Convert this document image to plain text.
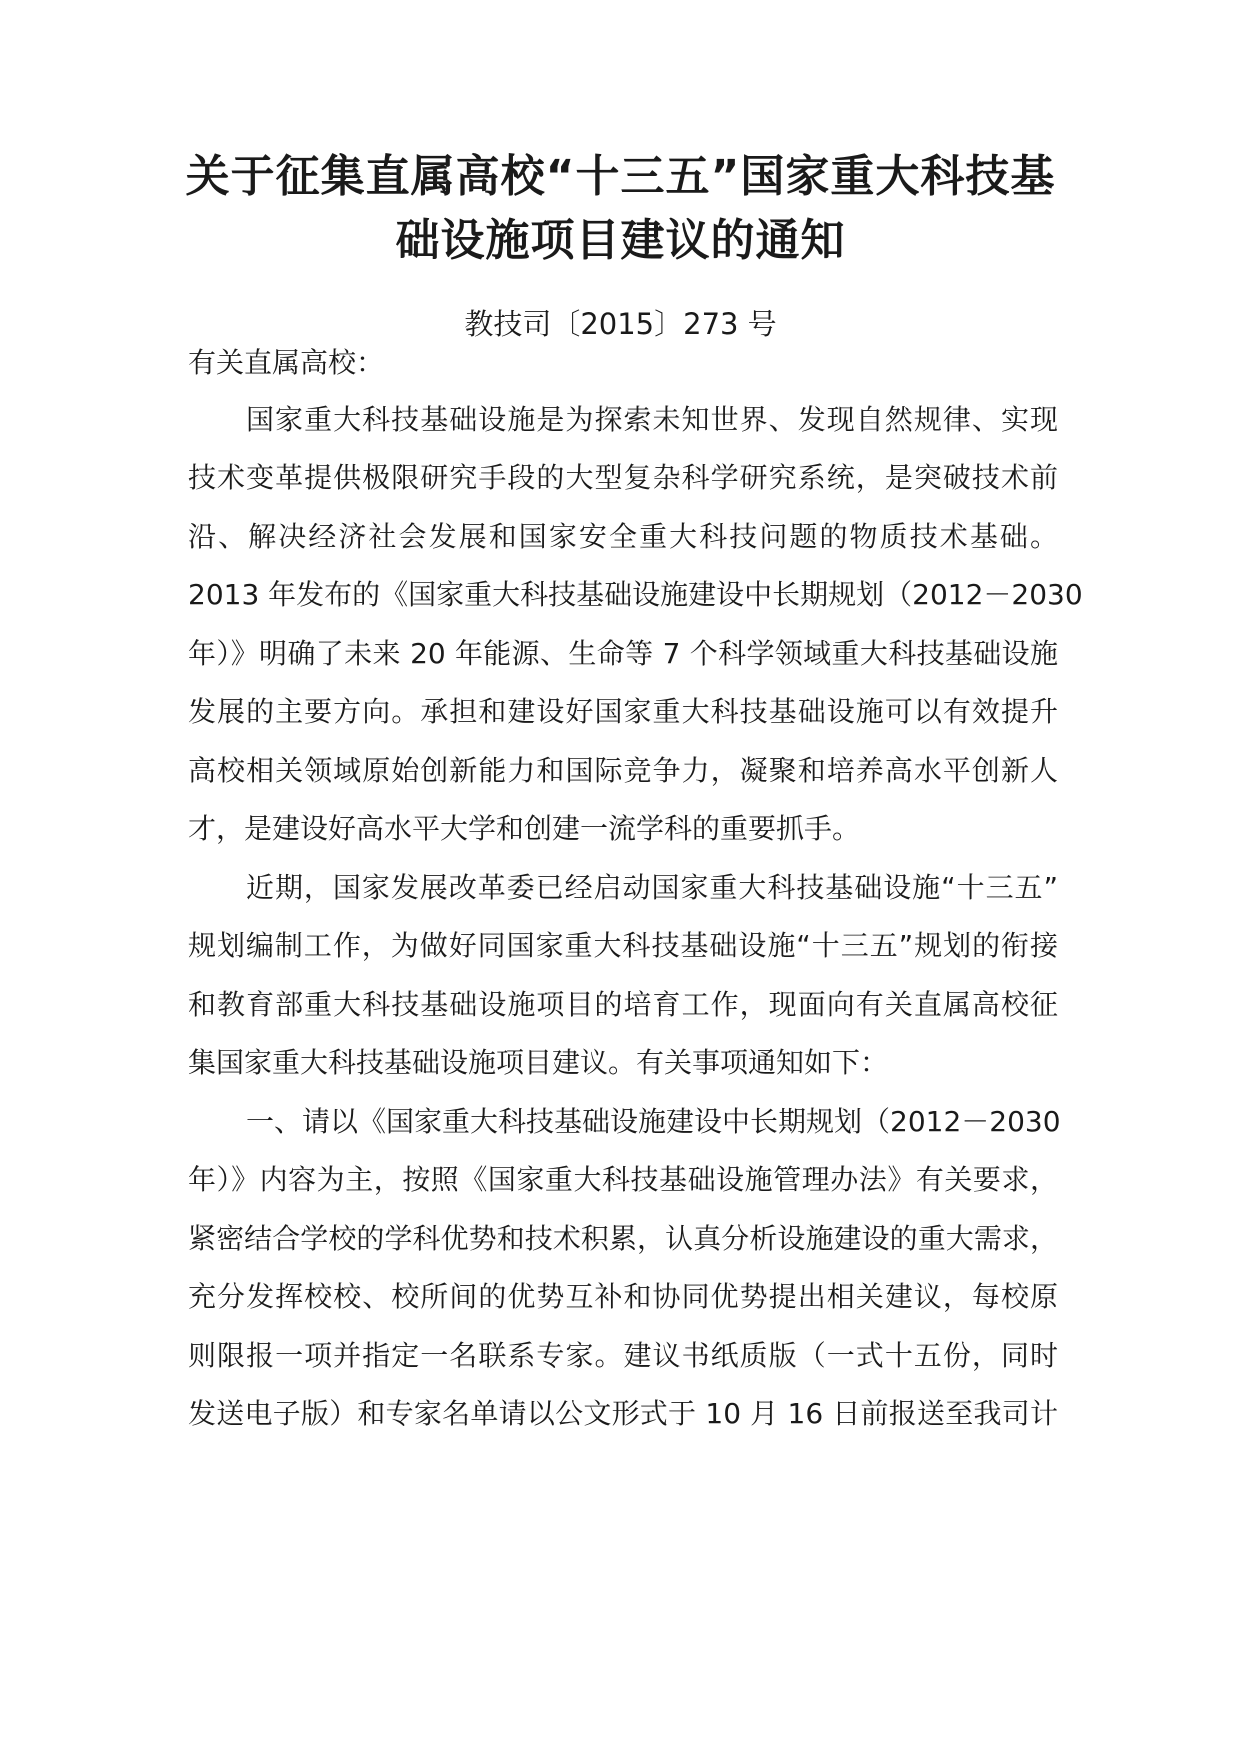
关于征集直属高校“十三五”国家重大科技基
础设施项目建议的通知
教技司〔2015〕273 号
有关直属高校：
国家重大科技基础设施是为探索未知世界、发现自然规律、实现
技术变革提供极限研究手段的大型复杂科学研究系统，是突破技术前
沿、解决经济社会发展和国家安全重大科技问题的物质技术基础。
2013 年发布的《国家重大科技基础设施建设中长期规划（2012－2030
年）》明确了未来 20 年能源、生命等 7 个科学领域重大科技基础设施
发展的主要方向。承担和建设好国家重大科技基础设施可以有效提升
高校相关领域原始创新能力和国际竞争力，凝聚和培养高水平创新人
才，是建设好高水平大学和创建一流学科的重要抓手。
近期，国家发展改革委已经启动国家重大科技基础设施“十三五”
规划编制工作，为做好同国家重大科技基础设施“十三五”规划的衔接
和教育部重大科技基础设施项目的培育工作，现面向有关直属高校征
集国家重大科技基础设施项目建议。有关事项通知如下：
一、请以《国家重大科技基础设施建设中长期规划（2012－2030
年）》内容为主，按照《国家重大科技基础设施管理办法》有关要求，
紧密结合学校的学科优势和技术积累，认真分析设施建设的重大需求，
充分发挥校校、校所间的优势互补和协同优势提出相关建议，每校原
则限报一项并指定一名联系专家。建议书纸质版（一式十五份，同时
发送电子版）和专家名单请以公文形式于 10 月 16 日前报送至我司计
